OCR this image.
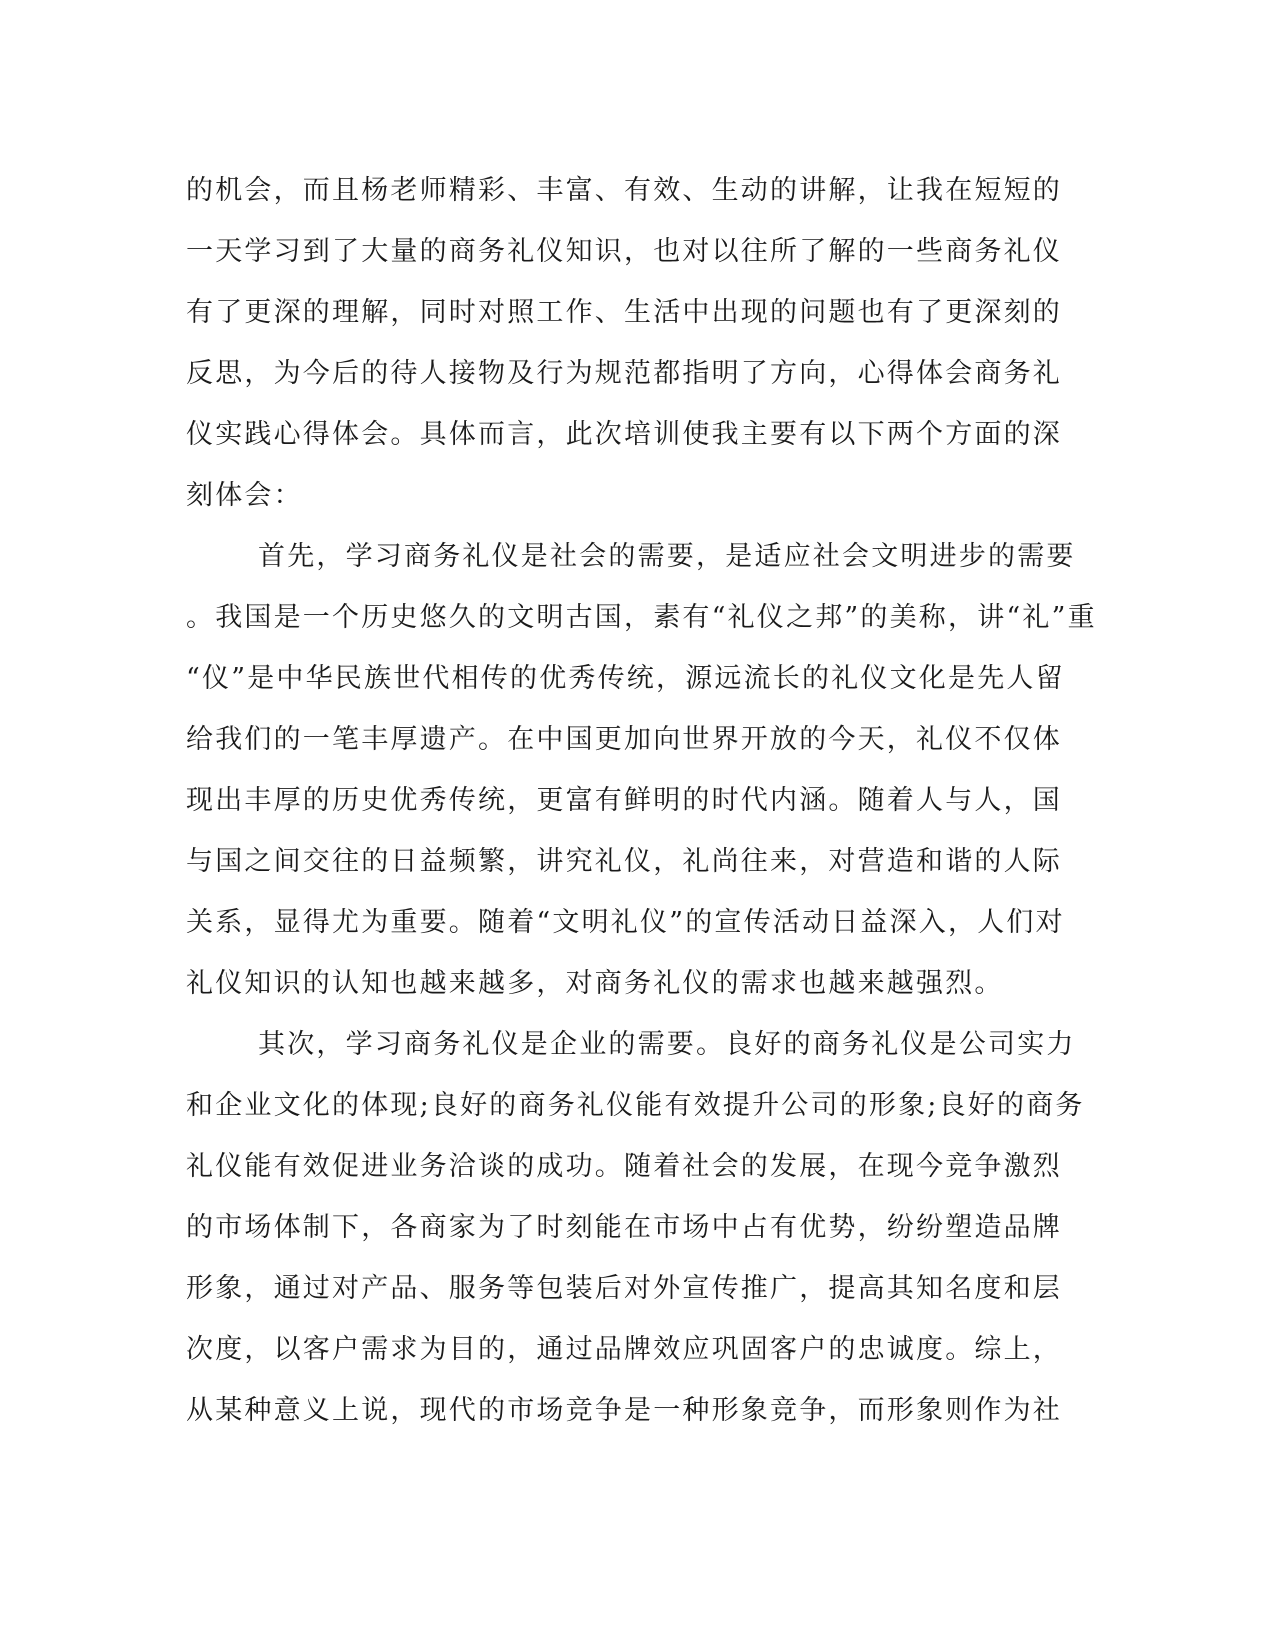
的机会，而且杨老师精彩、丰富、有效、生动的讲解，让我在短短的
一天学习到了大量的商务礼仪知识，也对以往所了解的一些商务礼仪
有了更深的理解，同时对照工作、生活中出现的问题也有了更深刻的
反思，为今后的待人接物及行为规范都指明了方向，心得体会商务礼
仪实践心得体会。具体而言，此次培训使我主要有以下两个方面的深
刻体会：
首先，学习商务礼仪是社会的需要，是适应社会文明进步的需要
。我国是一个历史悠久的文明古国，素有“礼仪之邦”的美称，讲“礼”重
“仪”是中华民族世代相传的优秀传统，源远流长的礼仪文化是先人留
给我们的一笔丰厚遗产。在中国更加向世界开放的今天，礼仪不仅体
现出丰厚的历史优秀传统，更富有鲜明的时代内涵。随着人与人，国
与国之间交往的日益频繁，讲究礼仪，礼尚往来，对营造和谐的人际
关系，显得尤为重要。随着“文明礼仪”的宣传活动日益深入，人们对
礼仪知识的认知也越来越多，对商务礼仪的需求也越来越强烈。
其次，学习商务礼仪是企业的需要。良好的商务礼仪是公司实力
和企业文化的体现;良好的商务礼仪能有效提升公司的形象;良好的商务
礼仪能有效促进业务洽谈的成功。随着社会的发展，在现今竞争激烈
的市场体制下，各商家为了时刻能在市场中占有优势，纷纷塑造品牌
形象，通过对产品、服务等包装后对外宣传推广，提高其知名度和层
次度，以客户需求为目的，通过品牌效应巩固客户的忠诚度。综上，
从某种意义上说，现代的市场竞争是一种形象竞争，而形象则作为社
